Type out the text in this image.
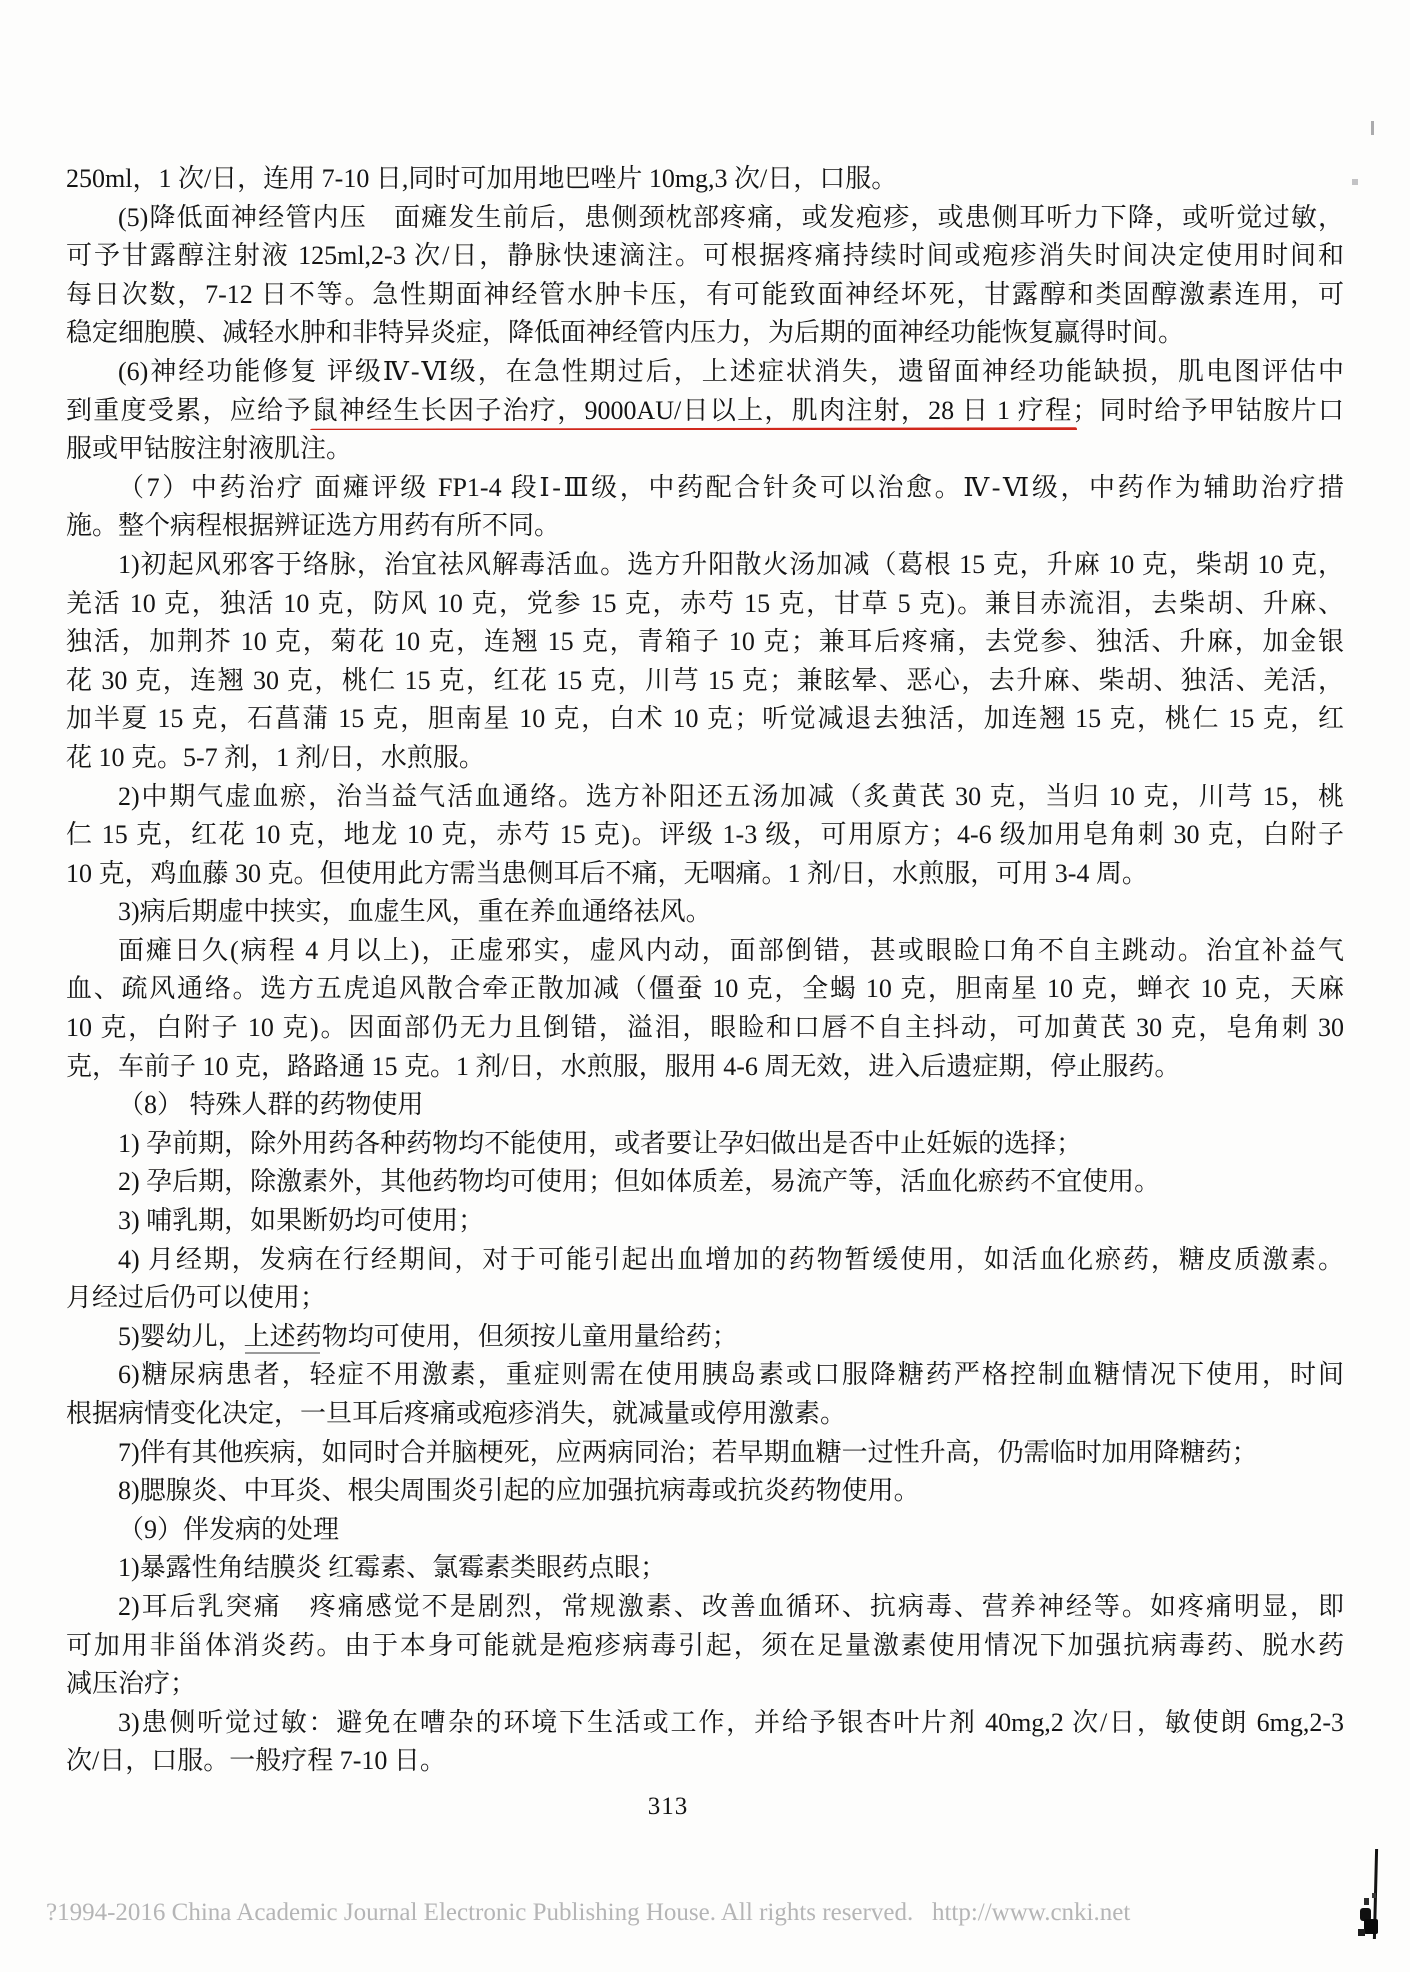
250ml，1 次/日，连用 7-10 日,同时可加用地巴唑片 10mg,3 次/日，口服。
(5)降低面神经管内压　面瘫发生前后，患侧颈枕部疼痛，或发疱疹，或患侧耳听力下降，或听觉过敏，
可予甘露醇注射液 125ml,2-3 次/日，静脉快速滴注。可根据疼痛持续时间或疱疹消失时间决定使用时间和
每日次数，7-12 日不等。急性期面神经管水肿卡压，有可能致面神经坏死，甘露醇和类固醇激素连用，可
稳定细胞膜、减轻水肿和非特异炎症，降低面神经管内压力，为后期的面神经功能恢复赢得时间。
(6)神经功能修复 评级Ⅳ-Ⅵ级，在急性期过后，上述症状消失，遗留面神经功能缺损，肌电图评估中
到重度受累，应给予鼠神经生长因子治疗，9000AU/日以上，肌肉注射，28 日 1 疗程；同时给予甲钴胺片口
服或甲钴胺注射液肌注。
（7）中药治疗 面瘫评级 FP1-4 段Ⅰ-Ⅲ级，中药配合针灸可以治愈。Ⅳ-Ⅵ级，中药作为辅助治疗措
施。整个病程根据辨证选方用药有所不同。
1)初起风邪客于络脉，治宜祛风解毒活血。选方升阳散火汤加减（葛根 15 克，升麻 10 克，柴胡 10 克，
羌活 10 克，独活 10 克，防风 10 克，党参 15 克，赤芍 15 克，甘草 5 克)。兼目赤流泪，去柴胡、升麻、
独活，加荆芥 10 克，菊花 10 克，连翘 15 克，青箱子 10 克；兼耳后疼痛，去党参、独活、升麻，加金银
花 30 克，连翘 30 克，桃仁 15 克，红花 15 克，川芎 15 克；兼眩晕、恶心，去升麻、柴胡、独活、羌活，
加半夏 15 克，石菖蒲 15 克，胆南星 10 克，白术 10 克；听觉减退去独活，加连翘 15 克，桃仁 15 克，红
花 10 克。5-7 剂，1 剂/日，水煎服。
2)中期气虚血瘀，治当益气活血通络。选方补阳还五汤加减（炙黄芪 30 克，当归 10 克，川芎 15，桃
仁 15 克，红花 10 克，地龙 10 克，赤芍 15 克)。评级 1-3 级，可用原方；4-6 级加用皂角刺 30 克，白附子
10 克，鸡血藤 30 克。但使用此方需当患侧耳后不痛，无咽痛。1 剂/日，水煎服，可用 3-4 周。
3)病后期虚中挟实，血虚生风，重在养血通络祛风。
面瘫日久(病程 4 月以上)，正虚邪实，虚风内动，面部倒错，甚或眼睑口角不自主跳动。治宜补益气
血、疏风通络。选方五虎追风散合牵正散加减（僵蚕 10 克，全蝎 10 克，胆南星 10 克，蝉衣 10 克，天麻
10 克，白附子 10 克)。因面部仍无力且倒错，溢泪，眼睑和口唇不自主抖动，可加黄芪 30 克，皂角刺 30
克，车前子 10 克，路路通 15 克。1 剂/日，水煎服，服用 4-6 周无效，进入后遗症期，停止服药。
（8） 特殊人群的药物使用
1) 孕前期，除外用药各种药物均不能使用，或者要让孕妇做出是否中止妊娠的选择；
2) 孕后期，除激素外，其他药物均可使用；但如体质差，易流产等，活血化瘀药不宜使用。
3) 哺乳期，如果断奶均可使用；
4) 月经期，发病在行经期间，对于可能引起出血增加的药物暂缓使用，如活血化瘀药，糖皮质激素。
月经过后仍可以使用；
5)婴幼儿，上述药物均可使用，但须按儿童用量给药；
6)糖尿病患者，轻症不用激素，重症则需在使用胰岛素或口服降糖药严格控制血糖情况下使用，时间
根据病情变化决定，一旦耳后疼痛或疱疹消失，就减量或停用激素。
7)伴有其他疾病，如同时合并脑梗死，应两病同治；若早期血糖一过性升高，仍需临时加用降糖药；
8)腮腺炎、中耳炎、根尖周围炎引起的应加强抗病毒或抗炎药物使用。
（9）伴发病的处理
1)暴露性角结膜炎 红霉素、氯霉素类眼药点眼；
2)耳后乳突痛　疼痛感觉不是剧烈，常规激素、改善血循环、抗病毒、营养神经等。如疼痛明显，即
可加用非甾体消炎药。由于本身可能就是疱疹病毒引起，须在足量激素使用情况下加强抗病毒药、脱水药
减压治疗；
3)患侧听觉过敏：避免在嘈杂的环境下生活或工作，并给予银杏叶片剂 40mg,2 次/日，敏使朗 6mg,2-3
次/日，口服。一般疗程 7-10 日。
313
?1994-2016 China Academic Journal Electronic Publishing House. All rights reserved.   http://www.cnki.net
